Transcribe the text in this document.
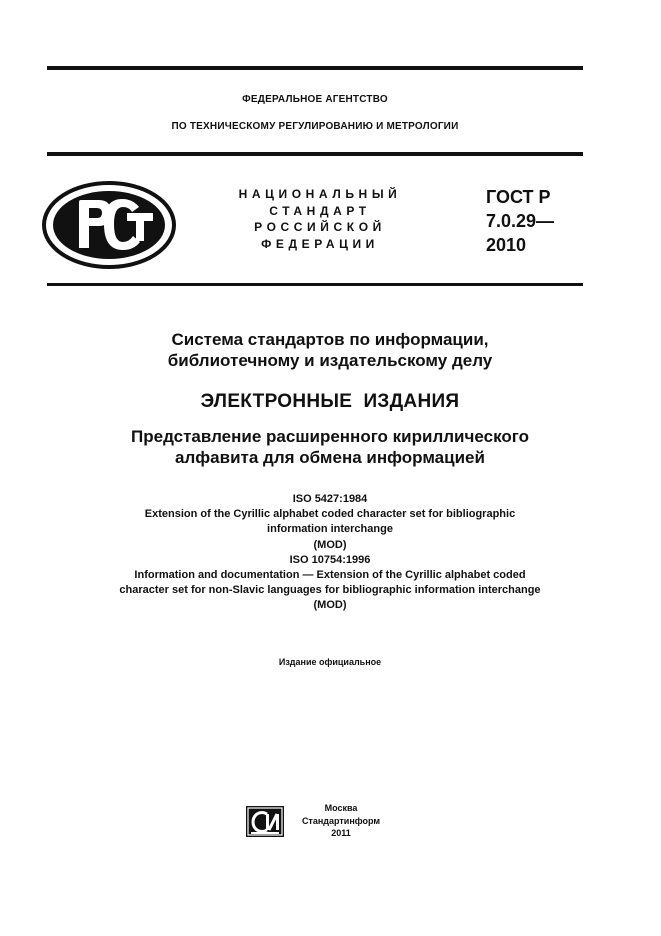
ФЕДЕРАЛЬНОЕ АГЕНТСТВО
ПО ТЕХНИЧЕСКОМУ РЕГУЛИРОВАНИЮ И МЕТРОЛОГИИ
НАЦИОНАЛЬНЫЙ
СТАНДАРТ
РОССИЙСКОЙ
ФЕДЕРАЦИИ
ГОСТ Р
7.0.29—
2010
Система стандартов по информации,
библиотечному и издательскому делу
ЭЛЕКТРОННЫЕ  ИЗДАНИЯ
Представление расширенного кириллического
алфавита для обмена информацией
ISO 5427:1984
Extension of the Cyrillic alphabet coded character set for bibliographic
information interchange
(MOD)
ISO 10754:1996
Information and documentation — Extension of the Cyrillic alphabet coded
character set for non-Slavic languages for bibliographic information interchange
(MOD)
Издание официальное
Москва
Стандартинформ
2011
